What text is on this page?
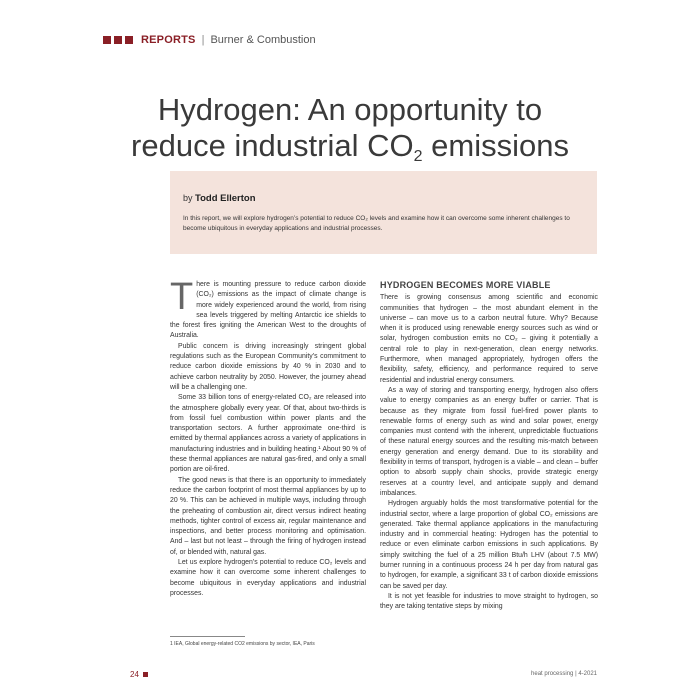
REPORTS | Burner & Combustion
Hydrogen: An opportunity to
reduce industrial $CO_2$ emissions
by Todd Ellerton
In this report, we will explore hydrogen’s potential to reduce CO₂ levels and examine how it can overcome some inherent challenges to become ubiquitous in everyday applications and industrial processes.

There is mounting pressure to reduce carbon dioxide (CO₂) emissions as the impact of climate change is more widely experienced around the world, from rising sea levels triggered by melting Antarctic ice shields to the forest fires igniting the American West to the droughts of Australia.

Public concern is driving increasingly stringent global regulations such as the European Community’s commitment to reduce carbon dioxide emissions by 40 % in 2030 and to achieve carbon neutrality by 2050. However, the journey ahead will be a challenging one.

Some 33 billion tons of energy-related CO₂ are released into the atmosphere globally every year. Of that, about two-thirds is from fossil fuel combustion within power plants and the transportation sectors. A further approximate one-third is emitted by thermal appliances across a variety of applications in manufacturing industries and in building heating.¹ About 90 % of these thermal appliances are natural gas-fired, and only a small portion are oil-fired.

The good news is that there is an opportunity to immediately reduce the carbon footprint of most thermal appliances by up to 20 %. This can be achieved in multiple ways, including through the preheating of combustion air, direct versus indirect heating methods, tighter control of excess air, regular maintenance and inspections, and better process monitoring and optimisation. And – last but not least – through the firing of hydrogen instead of, or blended with, natural gas.

Let us explore hydrogen’s potential to reduce CO₂ levels and examine how it can overcome some inherent challenges to become ubiquitous in everyday applications and industrial processes.

HYDROGEN BECOMES MORE VIABLE

There is growing consensus among scientific and economic communities that hydrogen – the most abundant element in the universe – can move us to a carbon neutral future. Why? Because when it is produced using renewable energy sources such as wind or solar, hydrogen combustion emits no CO₂ – giving it potentially a central role to play in next-generation, clean energy networks. Furthermore, when managed appropriately, hydrogen offers the flexibility, safety, efficiency, and performance required to serve residential and industrial energy consumers.

As a way of storing and transporting energy, hydrogen also offers value to energy companies as an energy buffer or carrier. That is because as they migrate from fossil fuel-fired power plants to renewable forms of energy such as wind and solar power, energy companies must contend with the inherent, unpredictable fluctuations of these natural energy sources and the resulting mis-match between energy generation and energy demand. Due to its storability and flexibility in terms of transport, hydrogen is a viable – and clean – buffer option to absorb supply chain shocks, provide strategic energy reserves at a country level, and anticipate supply and demand imbalances.

Hydrogen arguably holds the most transformative potential for the industrial sector, where a large proportion of global CO₂ emissions are generated. Take thermal appliance applications in the manufacturing industry and in commercial heating: Hydrogen has the potential to reduce or even eliminate carbon emissions in such applications. By simply switching the fuel of a 25 million Btu/h LHV (about 7.5 MW) burner running in a continuous process 24 h per day from natural gas to hydrogen, for example, a significant 33 t of carbon dioxide emissions can be saved per day.

It is not yet feasible for industries to move straight to hydrogen, so they are taking tentative steps by mixing

1 IEA, Global energy-related CO2 emissions by sector, IEA, Paris
24	heat processing | 4-2021
